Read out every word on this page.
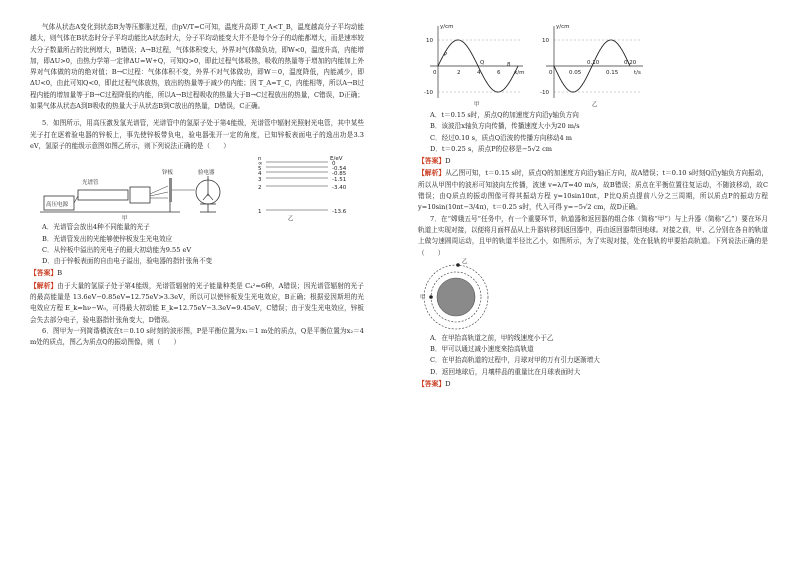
气体从状态A变化到状态B为等压膨胀过程，由pV/T=C可知，温度升高即 T_A<T_B，温度越高分子平均动能越大，则气体在B状态时分子平均动能比A状态时大，分子平均动能变大并不是每个分子的动能都增大，而是速率较大分子数量所占的比例增大，B错误；A→B过程，气体体积变大，外界对气体做负功，即W<0，温度升高，内能增加，即ΔU>0，由热力学第一定律ΔU=W+Q，可知Q>0，即此过程气体吸热，吸收的热量等于增加的内能加上外界对气体做的功的绝对值；B→C过程：气体体积不变，外界不对气体做功，即W＝0，温度降低，内能减少，即ΔU<0，由此可知Q<0，即此过程气体放热，放出的热量等于减少的内能；因 T_A=T_C，内能相等，所以A→B过程内能的增加量等于B→C过程降低的内能，所以A→B过程吸收的热量大于B→C过程放出的热量，C错误，D正确；如果气体从状态A到B吸收的热量大于从状态B到C放出的热量，D错误，C正确。

5．如图所示，用高压激发氢光谱管，光谱管中的氢原子处于第4能级，光谱管中辐射光照射光电管，其中某些光子打在逐着验电器的锌板上，事先使锌板带负电，验电器张开一定的角度，已知锌板表面电子的逸出功是3.3 eV，氢原子的能级示意图如图乙所示，则下列说法正确的是（　　）

高压电源
光谱管
锌板	验电器
甲	乙
n	E/eV
∞	0
5	-0.54
4	-0.85
3	-1.51
2	-3.40
1	-13.6

A．光谱管会放出4种不同能量的光子

B．光谱管发出的光能够使锌板发生光电效应

C．从锌板中溢出的光电子的最大初动能为9.55 eV

D．由于锌板表面的自由电子溢出，验电器的指针张角不变

【答案】B

【解析】由于大量的氢原子处于第4能级，光谱管辐射的光子能量种类是 C₄²=6种，A错误；因光谱管辐射的光子的最高能量是 13.6eV−0.85eV=12.75eV>3.3eV，所以可以使锌板发生光电效应，B正确；根据爱因斯坦的光电效应方程 E_k=hν−W₀，可得最大初动能 E_k=12.75eV−3.3eV=9.45eV，C错误；由于发生光电效应，锌板会失去部分电子，验电器指针张角变大，D错误。

6．图甲为一列简谐横波在t＝0.10 s时刻的波形图，P是平衡位置为x₁＝1 m处的质点，Q是平衡位置为x₂＝4 m处的质点，图乙为质点Q的振动图像，则（　　）

y/cm
x/m
10
-10
0	2	4	6
8
P
Q
甲
y/cm
t/s
10
-10
0	0.05
0.10
0.15
0.20
乙

A．t＝0.15 s时，质点Q的加速度方向沿y轴负方向

B．该波沿x轴负方向传播，传播速度大小为20 m/s

C．经过0.10 s，质点Q沿波的传播方向移动4 m

D．t＝0.25 s，质点P的位移是−5√2 cm

【答案】D

【解析】从乙图可知，t＝0.15 s时，质点Q的加速度方向沿y轴正方向，故A错误；t＝0.10 s时刻Q沿y轴负方向振动，所以从甲图中的波形可知波向左传播，波速 v=λ/T=40 m/s，故B错误；质点在平衡位置往复运动，不随波移动，故C错误；由Q质点的振动图像可得其振动方程 y=10sin10πt，P比Q质点提前八分之三周期，所以质点P的振动方程 y=10sin(10πt−3/4π)，t＝0.25 s时，代入可得 y=−5√2 cm，故D正确。

7．在“嫦娥五号”任务中，有一个重要环节，轨道器和返回器的组合体（简称“甲”）与上升器（简称“乙”）要在环月轨道上实现对接，以便将月面样品从上升器转移到返回器中，再由返回器带回地球。对接之前，甲、乙分别在各自的轨道上做匀速圆周运动，且甲的轨道半径比乙小，如图所示，为了实现对接，处在低轨的甲要抬高轨道。下列说法正确的是（　　）

甲
乙

A．在甲抬高轨道之前，甲的线速度小于乙

B．甲可以通过减小速度来抬高轨道

C．在甲抬高轨道的过程中，月球对甲的万有引力逐渐增大

D．返回地球后，月壤样品的重量比在月球表面时大

【答案】D
